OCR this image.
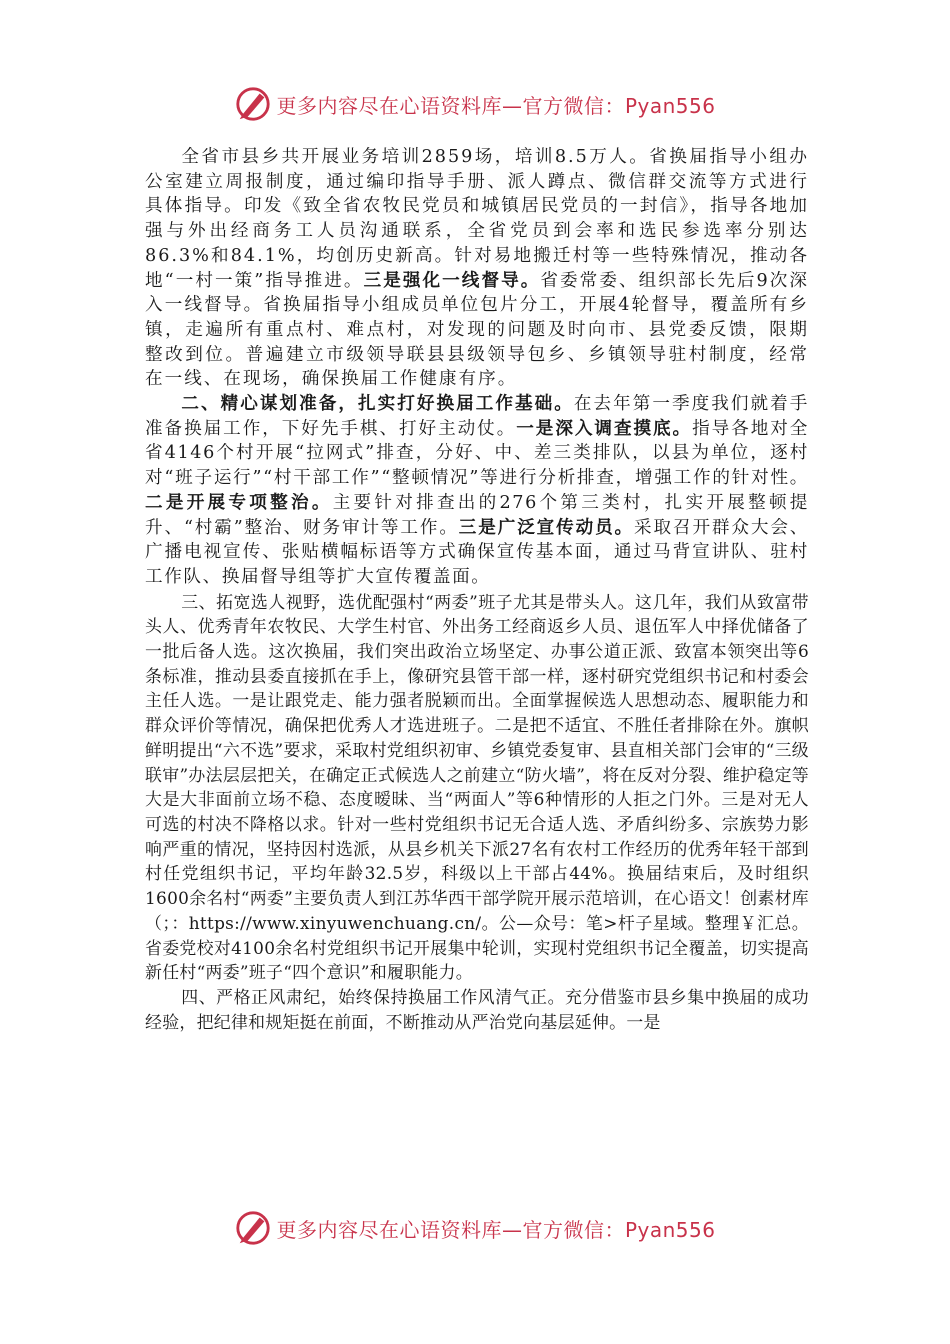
更多内容尽在心语资料库—官方微信：Pyan556

全省市县乡共开展业务培训2859场，培训8.5万人。省换届指导小组办公室建立周报制度，通过编印指导手册、派人蹲点、微信群交流等方式进行具体指导。印发《致全省农牧民党员和城镇居民党员的一封信》，指导各地加强与外出经商务工人员沟通联系，全省党员到会率和选民参选率分别达86.3%和84.1%，均创历史新高。针对易地搬迁村等一些特殊情况，推动各地“一村一策”指导推进。三是强化一线督导。省委常委、组织部长先后9次深入一线督导。省换届指导小组成员单位包片分工，开展4轮督导，覆盖所有乡镇，走遍所有重点村、难点村，对发现的问题及时向市、县党委反馈，限期整改到位。普遍建立市级领导联县县级领导包乡、乡镇领导驻村制度，经常在一线、在现场，确保换届工作健康有序。

二、精心谋划准备，扎实打好换届工作基础。在去年第一季度我们就着手准备换届工作，下好先手棋、打好主动仗。一是深入调查摸底。指导各地对全省4146个村开展“拉网式”排查，分好、中、差三类排队，以县为单位，逐村对“班子运行”“村干部工作”“整顿情况”等进行分析排查，增强工作的针对性。二是开展专项整治。主要针对排查出的276个第三类村，扎实开展整顿提升、“村霸”整治、财务审计等工作。三是广泛宣传动员。采取召开群众大会、广播电视宣传、张贴横幅标语等方式确保宣传基本面，通过马背宣讲队、驻村工作队、换届督导组等扩大宣传覆盖面。

三、拓宽选人视野，选优配强村“两委”班子尤其是带头人。这几年，我们从致富带头人、优秀青年农牧民、大学生村官、外出务工经商返乡人员、退伍军人中择优储备了一批后备人选。这次换届，我们突出政治立场坚定、办事公道正派、致富本领突出等6条标准，推动县委直接抓在手上，像研究县管干部一样，逐村研究党组织书记和村委会主任人选。一是让跟党走、能力强者脱颖而出。全面掌握候选人思想动态、履职能力和群众评价等情况，确保把优秀人才选进班子。二是把不适宜、不胜任者排除在外。旗帜鲜明提出“六不选”要求，采取村党组织初审、乡镇党委复审、县直相关部门会审的“三级联审”办法层层把关，在确定正式候选人之前建立“防火墙”，将在反对分裂、维护稳定等大是大非面前立场不稳、态度暧昧、当“两面人”等6种情形的人拒之门外。三是对无人可选的村决不降格以求。针对一些村党组织书记无合适人选、矛盾纠纷多、宗族势力影响严重的情况，坚持因村选派，从县乡机关下派27名有农村工作经历的优秀年轻干部到村任党组织书记，平均年龄32.5岁，科级以上干部占44%。换届结束后，及时组织1600余名村“两委”主要负责人到江苏华西干部学院开展示范培训，在心语文！创素材库（；：https://www.xinyuwenchuang.cn/。公—众号：笔>杆子星域。整理￥汇总。省委党校对4100余名村党组织书记开展集中轮训，实现村党组织书记全覆盖，切实提高新任村“两委”班子“四个意识”和履职能力。

四、严格正风肃纪，始终保持换届工作风清气正。充分借鉴市县乡集中换届的成功经验，把纪律和规矩挺在前面，不断推动从严治党向基层延伸。一是

更多内容尽在心语资料库—官方微信：Pyan556
